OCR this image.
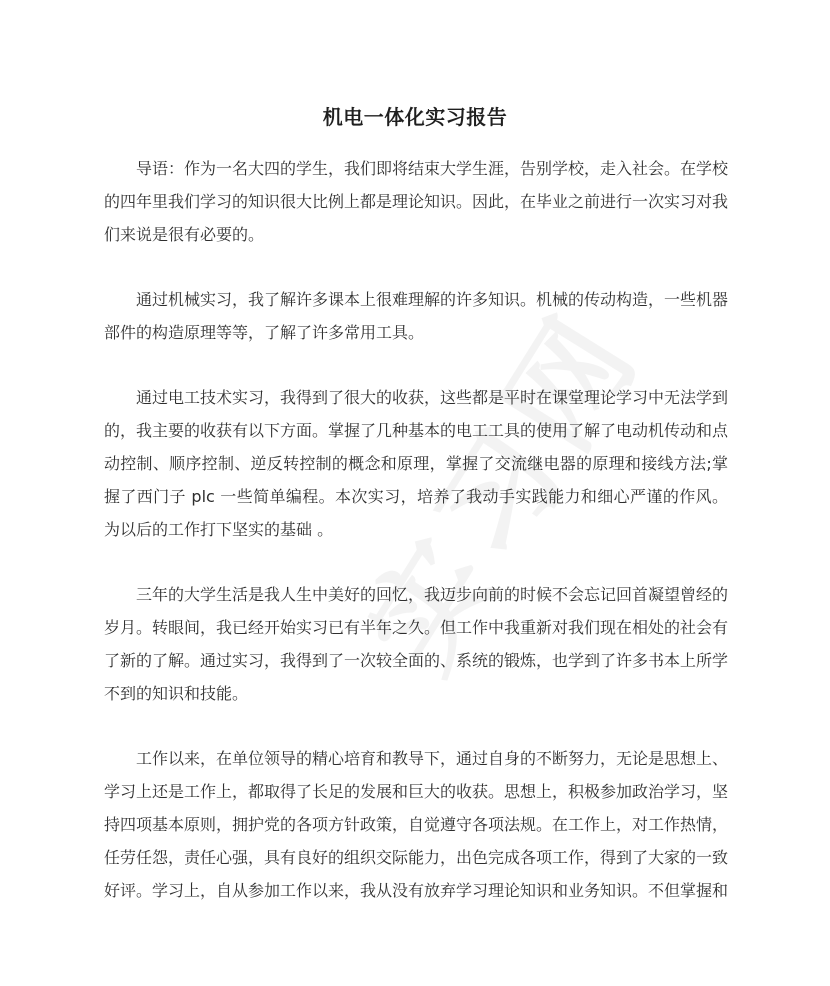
机电一体化实习报告

导语：作为一名大四的学生，我们即将结束大学生涯，告别学校，走入社会。在学校的四年里我们学习的知识很大比例上都是理论知识。因此，在毕业之前进行一次实习对我们来说是很有必要的。

通过机械实习，我了解许多课本上很难理解的许多知识。机械的传动构造，一些机器部件的构造原理等等，了解了许多常用工具。

通过电工技术实习，我得到了很大的收获，这些都是平时在课堂理论学习中无法学到的，我主要的收获有以下方面。掌握了几种基本的电工工具的使用了解了电动机传动和点动控制、顺序控制、逆反转控制的概念和原理，掌握了交流继电器的原理和接线方法;掌握了西门子 plc 一些简单编程。本次实习，培养了我动手实践能力和细心严谨的作风。为以后的工作打下坚实的基础 。

三年的大学生活是我人生中美好的回忆，我迈步向前的时候不会忘记回首凝望曾经的岁月。转眼间，我已经开始实习已有半年之久。但工作中我重新对我们现在相处的社会有了新的了解。通过实习，我得到了一次较全面的、系统的锻炼，也学到了许多书本上所学不到的知识和技能。

工作以来，在单位领导的精心培育和教导下，通过自身的不断努力，无论是思想上、学习上还是工作上，都取得了长足的发展和巨大的收获。思想上，积极参加政治学习，坚持四项基本原则，拥护党的各项方针政策，自觉遵守各项法规。在工作上，对工作热情，任劳任怨，责任心强，具有良好的组织交际能力，出色完成各项工作，得到了大家的一致好评。学习上，自从参加工作以来，我从没有放弃学习理论知识和业务知识。不但掌握和
